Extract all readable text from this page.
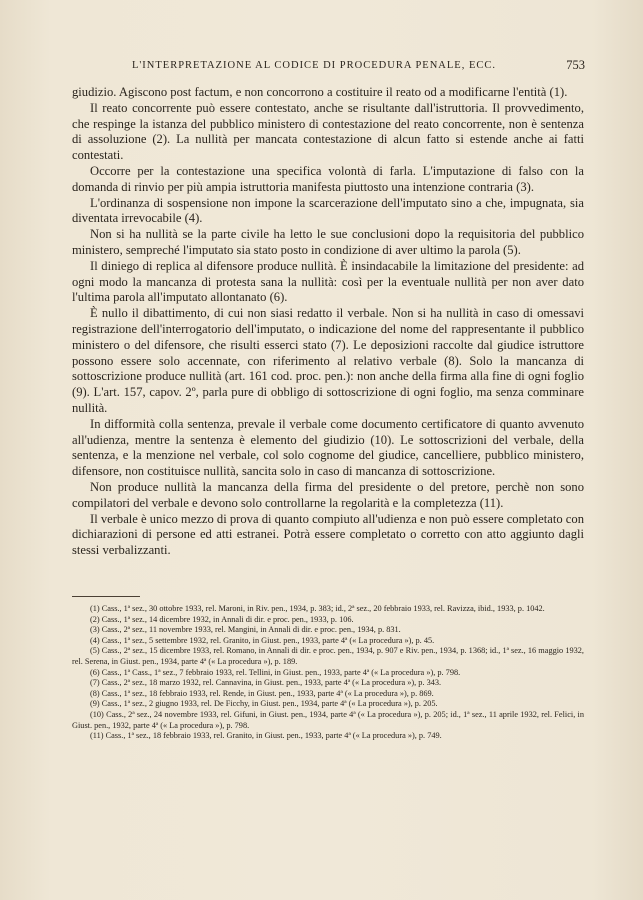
L'INTERPRETAZIONE AL CODICE DI PROCEDURA PENALE, ECC.	753

giudizio. Agiscono post factum, e non concorrono a costituire il reato od a modificarne l'entità (1).

Il reato concorrente può essere contestato, anche se risultante dall'istruttoria. Il provvedimento, che respinge la istanza del pubblico ministero di contestazione del reato concorrente, non è sentenza di assoluzione (2). La nullità per mancata contestazione di alcun fatto si estende anche ai fatti contestati.

Occorre per la contestazione una specifica volontà di farla. L'imputazione di falso con la domanda di rinvio per più ampia istruttoria manifesta piuttosto una intenzione contraria (3).

L'ordinanza di sospensione non impone la scarcerazione dell'imputato sino a che, impugnata, sia diventata irrevocabile (4).

Non si ha nullità se la parte civile ha letto le sue conclusioni dopo la requisitoria del pubblico ministero, sempreché l'imputato sia stato posto in condizione di aver ultimo la parola (5).

Il diniego di replica al difensore produce nullità. È insindacabile la limitazione del presidente: ad ogni modo la mancanza di protesta sana la nullità: così per la eventuale nullità per non aver dato l'ultima parola all'imputato allontanato (6).

È nullo il dibattimento, di cui non siasi redatto il verbale. Non si ha nullità in caso di omessavi registrazione dell'interrogatorio dell'imputato, o indicazione del nome del rappresentante il pubblico ministero o del difensore, che risulti esserci stato (7). Le deposizioni raccolte dal giudice istruttore possono essere solo accennate, con riferimento al relativo verbale (8). Solo la mancanza di sottoscrizione produce nullità (art. 161 cod. proc. pen.): non anche della firma alla fine di ogni foglio (9). L'art. 157, capov. 2º, parla pure di obbligo di sottoscrizione di ogni foglio, ma senza comminare nullità.

In difformità colla sentenza, prevale il verbale come documento certificatore di quanto avvenuto all'udienza, mentre la sentenza è elemento del giudizio (10). Le sottoscrizioni del verbale, della sentenza, e la menzione nel verbale, col solo cognome del giudice, cancelliere, pubblico ministero, difensore, non costituisce nullità, sancita solo in caso di mancanza di sottoscrizione.

Non produce nullità la mancanza della firma del presidente o del pretore, perchè non sono compilatori del verbale e devono solo controllarne la regolarità e la completezza (11).

Il verbale è unico mezzo di prova di quanto compiuto all'udienza e non può essere completato con dichiarazioni di persone ed atti estranei. Potrà essere completato o corretto con atto aggiunto dagli stessi verbalizzanti.

(1) Cass., 1ª sez., 30 ottobre 1933, rel. Maroni, in Riv. pen., 1934, p. 383; id., 2ª sez., 20 febbraio 1933, rel. Ravizza, ibid., 1933, p. 1042.

(2) Cass., 1ª sez., 14 dicembre 1932, in Annali di dir. e proc. pen., 1933, p. 106.

(3) Cass., 2ª sez., 11 novembre 1933, rel. Mangini, in Annali di dir. e proc. pen., 1934, p. 831.

(4) Cass., 1ª sez., 5 settembre 1932, rel. Granito, in Giust. pen., 1933, parte 4ª (« La procedura »), p. 45.

(5) Cass., 2ª sez., 15 dicembre 1933, rel. Romano, in Annali di dir. e proc. pen., 1934, p. 907 e Riv. pen., 1934, p. 1368; id., 1ª sez., 16 maggio 1932, rel. Serena, in Giust. pen., 1934, parte 4ª (« La procedura »), p. 189.

(6) Cass., 1ª Cass., 1ª sez., 7 febbraio 1933, rel. Tellini, in Giust. pen., 1933, parte 4ª (« La procedura »), p. 798.

(7) Cass., 2ª sez., 18 marzo 1932, rel. Cannavina, in Giust. pen., 1933, parte 4ª (« La procedura »), p. 343.

(8) Cass., 1ª sez., 18 febbraio 1933, rel. Rende, in Giust. pen., 1933, parte 4ª (« La procedura »), p. 869.

(9) Cass., 1ª sez., 2 giugno 1933, rel. De Ficchy, in Giust. pen., 1934, parte 4ª (« La procedura »), p. 205.

(10) Cass., 2ª sez., 24 novembre 1933, rel. Gifuni, in Giust. pen., 1934, parte 4ª (« La procedura »), p. 205; id., 1ª sez., 11 aprile 1932, rel. Felici, in Giust. pen., 1932, parte 4ª (« La procedura »), p. 798.

(11) Cass., 1ª sez., 18 febbraio 1933, rel. Granito, in Giust. pen., 1933, parte 4ª (« La procedura »), p. 749.
